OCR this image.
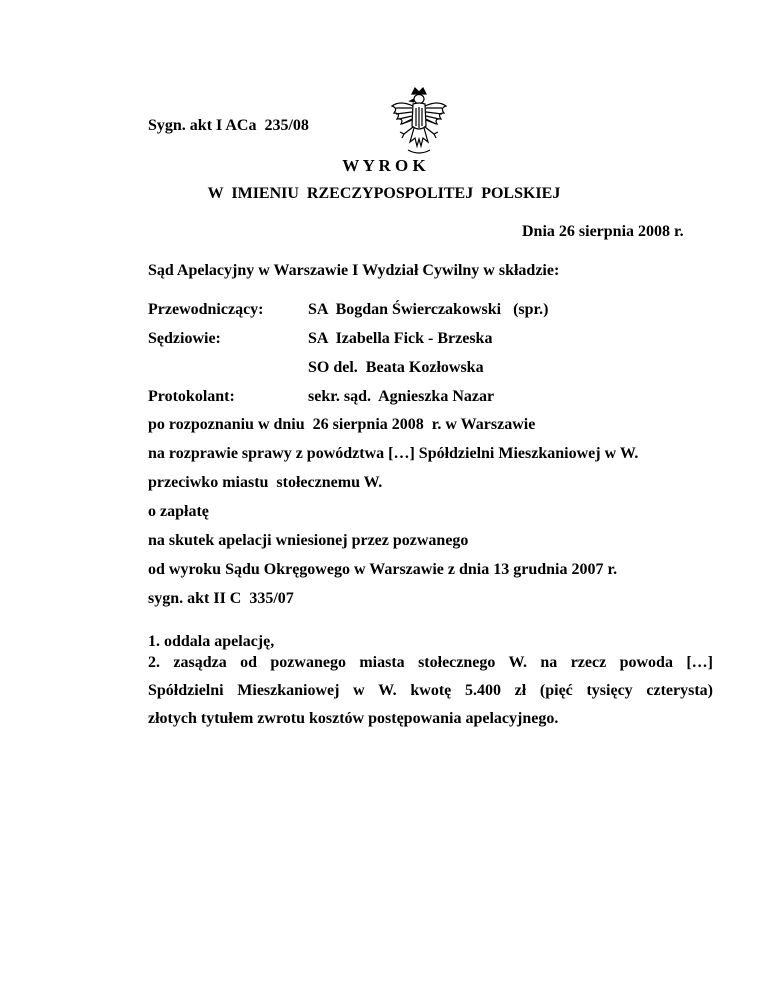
Sygn. akt I ACa  235/08
W Y R O K
W  IMIENIU  RZECZYPOSPOLITEJ  POLSKIEJ
Dnia 26 sierpnia 2008 r.
Sąd Apelacyjny w Warszawie I Wydział Cywilny w składzie:
Przewodniczący:	SA  Bogdan Świerczakowski   (spr.)
Sędziowie:	SA  Izabella Fick - Brzeska
SO del.  Beata Kozłowska
Protokolant:	sekr. sąd.  Agnieszka Nazar
po rozpoznaniu w dniu  26 sierpnia 2008  r. w Warszawie
na rozprawie sprawy z powództwa […] Spółdzielni Mieszkaniowej w W.
przeciwko miastu  stołecznemu W.
o zapłatę
na skutek apelacji wniesionej przez pozwanego
od wyroku Sądu Okręgowego w Warszawie z dnia 13 grudnia 2007 r.
sygn. akt II C  335/07
1. oddala apelację,
2. zasądza od pozwanego miasta stołecznego W. na rzecz powoda […]
Spółdzielni Mieszkaniowej w W. kwotę 5.400 zł (pięć tysięcy czterysta)
złotych tytułem zwrotu kosztów postępowania apelacyjnego.
